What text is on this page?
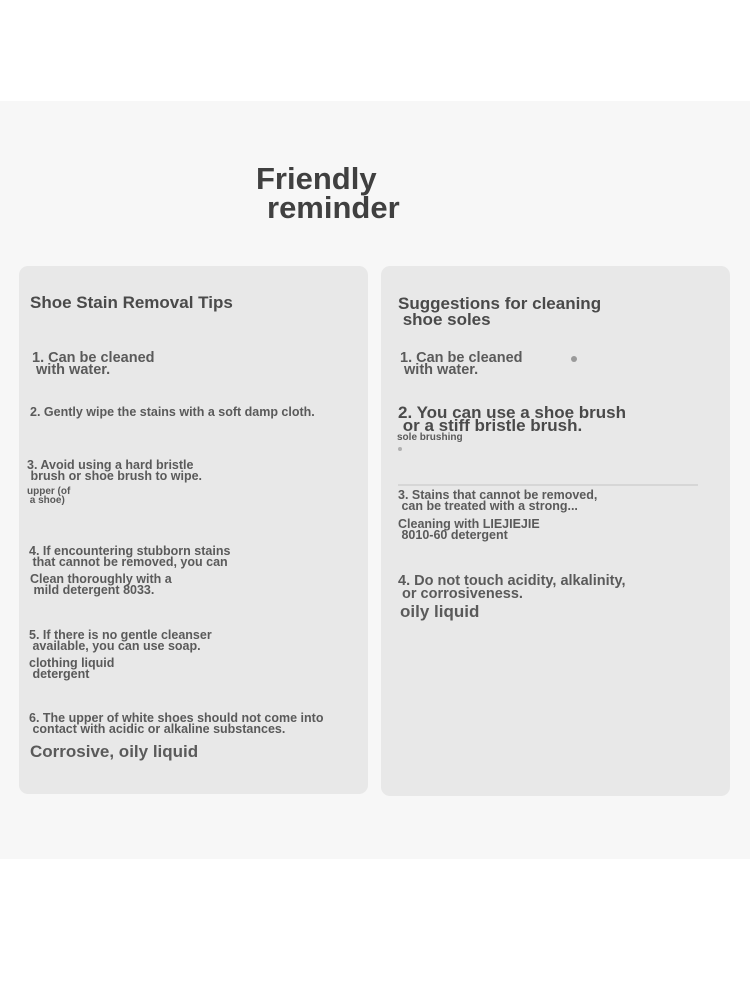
Friendly
reminder
Shoe Stain Removal Tips
1. Can be cleaned
with water.
2. Gently wipe the stains with a soft damp cloth.
3. Avoid using a hard bristle
brush or shoe brush to wipe.
upper (of
a shoe)
4. If encountering stubborn stains
that cannot be removed, you can
Clean thoroughly with a
mild detergent 8033.
5. If there is no gentle cleanser
available, you can use soap.
clothing liquid
detergent
6. The upper of white shoes should not come into
contact with acidic or alkaline substances.
Corrosive, oily liquid
Suggestions for cleaning
shoe soles
1. Can be cleaned
with water.
2. You can use a shoe brush
or a stiff bristle brush.
sole brushing
3. Stains that cannot be removed,
can be treated with a strong...
Cleaning with LIEJIEJIE
8010-60 detergent
4. Do not touch acidity, alkalinity,
or corrosiveness.
oily liquid
